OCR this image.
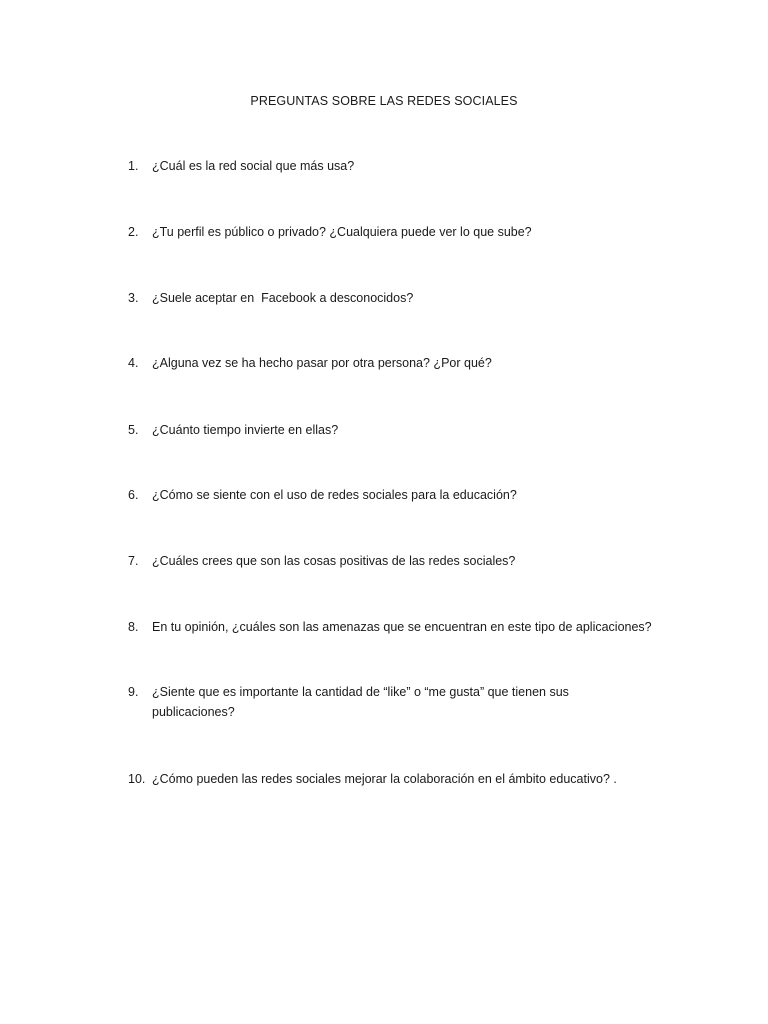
PREGUNTAS SOBRE LAS REDES SOCIALES
1.	¿Cuál es la red social que más usa?
2.	¿Tu perfil es público o privado? ¿Cualquiera puede ver lo que sube?
3.	¿Suele aceptar en  Facebook a desconocidos?
4.	¿Alguna vez se ha hecho pasar por otra persona? ¿Por qué?
5.	¿Cuánto tiempo invierte en ellas?
6.	¿Cómo se siente con el uso de redes sociales para la educación?
7.	¿Cuáles crees que son las cosas positivas de las redes sociales?
8.	En tu opinión, ¿cuáles son las amenazas que se encuentran en este tipo de aplicaciones?
9.	¿Siente que es importante la cantidad de “like” o “me gusta” que tienen sus publicaciones?
10. ¿Cómo pueden las redes sociales mejorar la colaboración en el ámbito educativo? .
